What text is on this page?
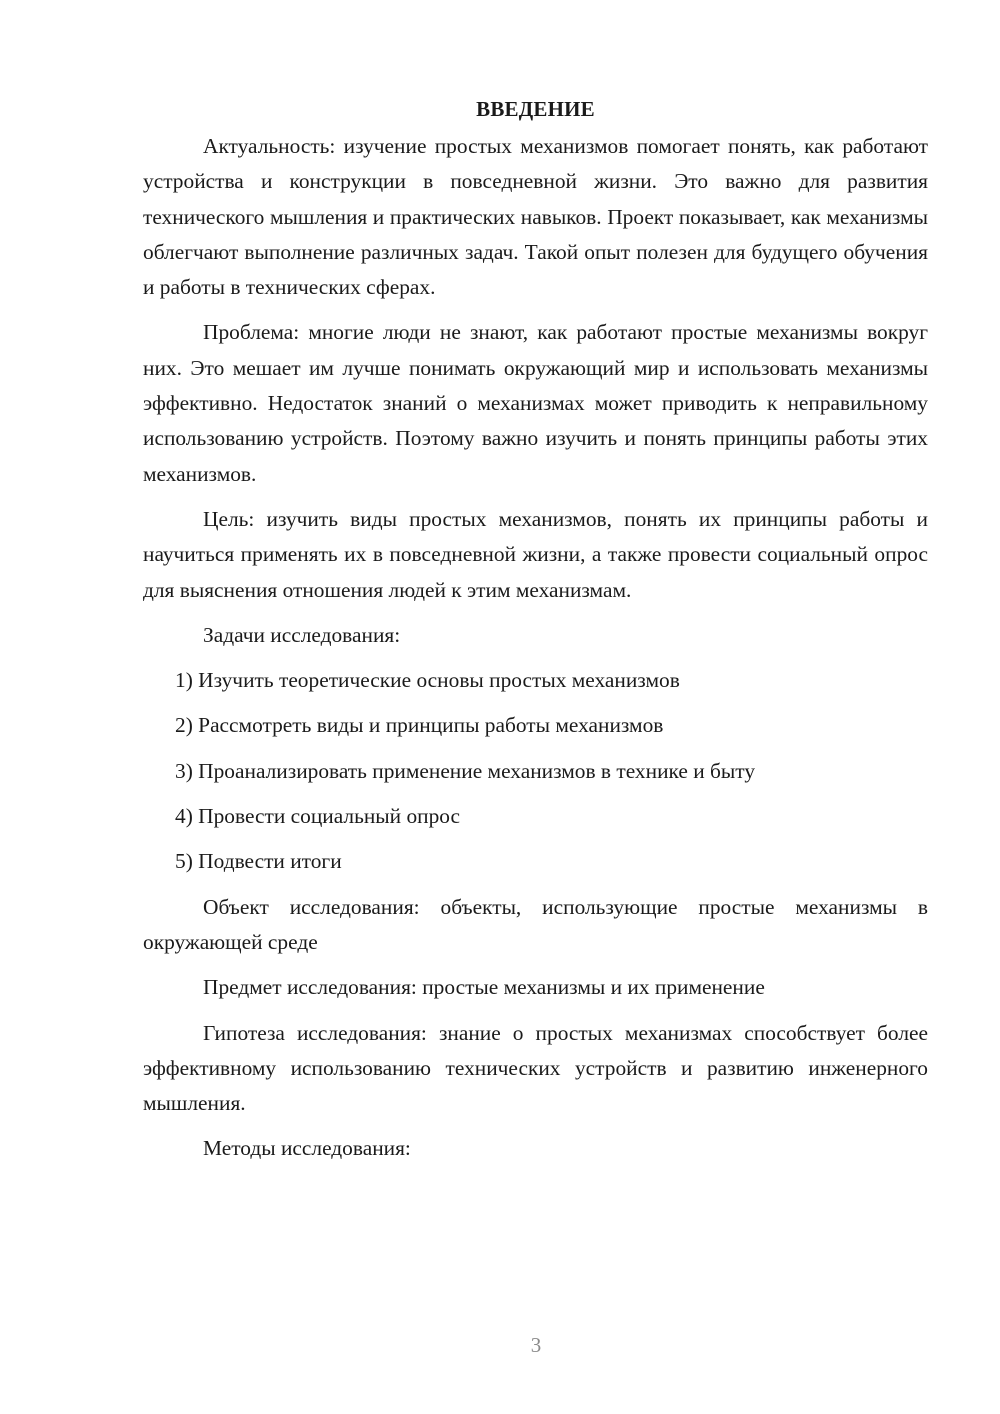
ВВЕДЕНИЕ

Актуальность: изучение простых механизмов помогает понять, как работают устройства и конструкции в повседневной жизни. Это важно для развития технического мышления и практических навыков. Проект показывает, как механизмы облегчают выполнение различных задач. Такой опыт полезен для будущего обучения и работы в технических сферах.

Проблема: многие люди не знают, как работают простые механизмы вокруг них. Это мешает им лучше понимать окружающий мир и использовать механизмы эффективно. Недостаток знаний о механизмах может приводить к неправильному использованию устройств. Поэтому важно изучить и понять принципы работы этих механизмов.

Цель: изучить виды простых механизмов, понять их принципы работы и научиться применять их в повседневной жизни, а также провести социальный опрос для выяснения отношения людей к этим механизмам.

Задачи исследования:

1) Изучить теоретические основы простых механизмов
2) Рассмотреть виды и принципы работы механизмов
3) Проанализировать применение механизмов в технике и быту
4) Провести социальный опрос
5) Подвести итоги

Объект исследования: объекты, использующие простые механизмы в окружающей среде

Предмет исследования: простые механизмы и их применение

Гипотеза исследования: знание о простых механизмах способствует более эффективному использованию технических устройств и развитию инженерного мышления.

Методы исследования:

3
